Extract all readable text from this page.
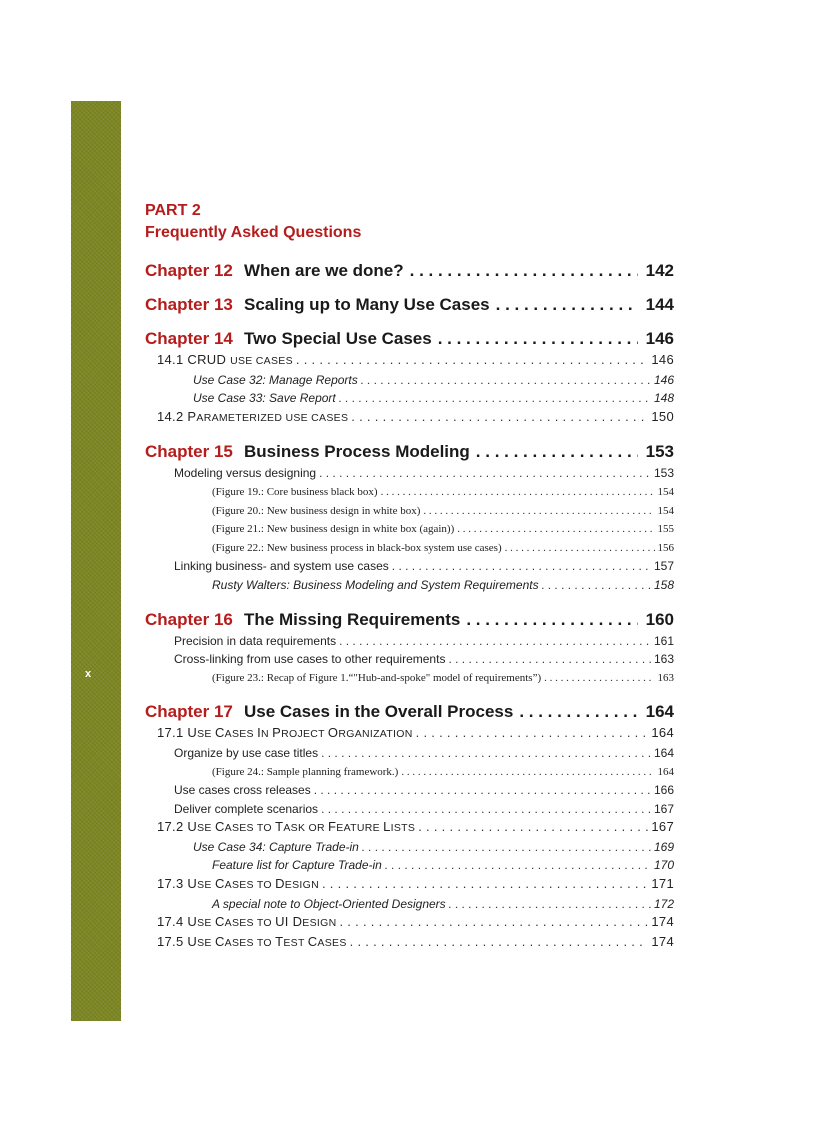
x
PART 2
Frequently Asked Questions
Chapter 12 When are we done? . . .	142
Chapter 13 Scaling up to Many Use Cases . . .	144
Chapter 14 Two Special Use Cases . . .	146
14.1 CRUD USE CASES . . .	146
Use Case 32: Manage Reports . . .	146
Use Case 33: Save Report . . .	148
14.2 PARAMETERIZED USE CASES . . .	150
Chapter 15 Business Process Modeling . . .	153
Modeling versus designing . . .	153
(Figure 19.: Core business black box) . . .	154
(Figure 20.: New business design in white box) . . .	154
(Figure 21.: New business design in white box (again)) . . .	155
(Figure 22.: New business process in black-box system use cases) . . .	156
Linking business- and system use cases . . .	157
Rusty Walters: Business Modeling and System Requirements . . .	158
Chapter 16 The Missing Requirements . . .	160
Precision in data requirements . . .	161
Cross-linking from use cases to other requirements . . .	163
(Figure 23.: Recap of Figure 1.“"Hub-and-spoke" model of requirements”) . . .	163
Chapter 17 Use Cases in the Overall Process . . .	164
17.1 USE CASES IN PROJECT ORGANIZATION . . .	164
Organize by use case titles . . .	164
(Figure 24.: Sample planning framework.) . . .	164
Use cases cross releases . . .	166
Deliver complete scenarios . . .	167
17.2 USE CASES TO TASK OR FEATURE LISTS . . .	167
Use Case 34: Capture Trade-in . . .	169
Feature list for Capture Trade-in . . .	170
17.3 USE CASES TO DESIGN . . .	171
A special note to Object-Oriented Designers . . .	172
17.4 USE CASES TO UI DESIGN . . .	174
17.5 USE CASES TO TEST CASES . . .	174
